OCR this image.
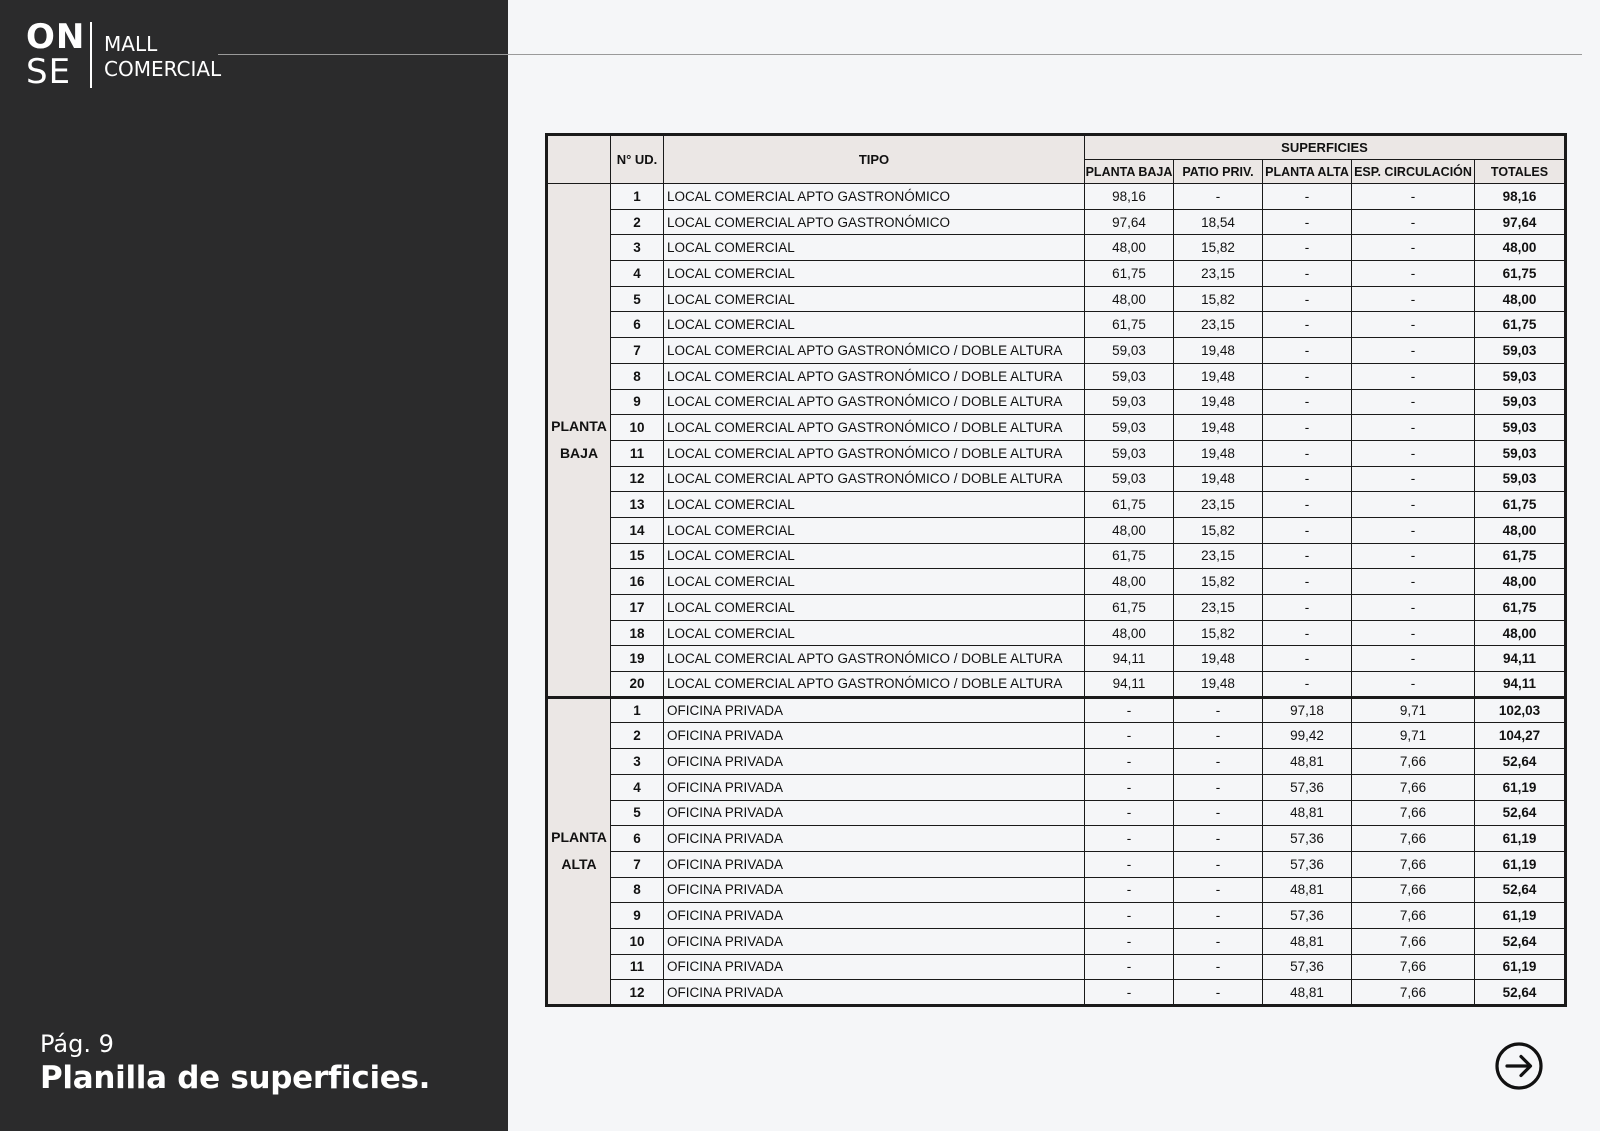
ON
SE
MALL
COMERCIAL
Pág. 9
Planilla de superficies.
	N° UD.	TIPO	SUPERFICIES				
			PLANTA BAJA	PATIO PRIV.	PLANTA ALTA	ESP. CIRCULACIÓN	TOTALES

PLANTA
BAJA	1	LOCAL COMERCIAL APTO GASTRONÓMICO	98,16	-	-	-	98,16
	2	LOCAL COMERCIAL APTO GASTRONÓMICO	97,64	18,54	-	-	97,64
	3	LOCAL COMERCIAL	48,00	15,82	-	-	48,00
	4	LOCAL COMERCIAL	61,75	23,15	-	-	61,75
	5	LOCAL COMERCIAL	48,00	15,82	-	-	48,00
	6	LOCAL COMERCIAL	61,75	23,15	-	-	61,75
	7	LOCAL COMERCIAL APTO GASTRONÓMICO / DOBLE ALTURA	59,03	19,48	-	-	59,03
	8	LOCAL COMERCIAL APTO GASTRONÓMICO / DOBLE ALTURA	59,03	19,48	-	-	59,03
	9	LOCAL COMERCIAL APTO GASTRONÓMICO / DOBLE ALTURA	59,03	19,48	-	-	59,03
	10	LOCAL COMERCIAL APTO GASTRONÓMICO / DOBLE ALTURA	59,03	19,48	-	-	59,03
	11	LOCAL COMERCIAL APTO GASTRONÓMICO / DOBLE ALTURA	59,03	19,48	-	-	59,03
	12	LOCAL COMERCIAL APTO GASTRONÓMICO / DOBLE ALTURA	59,03	19,48	-	-	59,03
	13	LOCAL COMERCIAL	61,75	23,15	-	-	61,75
	14	LOCAL COMERCIAL	48,00	15,82	-	-	48,00
	15	LOCAL COMERCIAL	61,75	23,15	-	-	61,75
	16	LOCAL COMERCIAL	48,00	15,82	-	-	48,00
	17	LOCAL COMERCIAL	61,75	23,15	-	-	61,75
	18	LOCAL COMERCIAL	48,00	15,82	-	-	48,00
	19	LOCAL COMERCIAL APTO GASTRONÓMICO / DOBLE ALTURA	94,11	19,48	-	-	94,11
	20	LOCAL COMERCIAL APTO GASTRONÓMICO / DOBLE ALTURA	94,11	19,48	-	-	94,11

PLANTA
ALTA	1	OFICINA PRIVADA	-	-	97,18	9,71	102,03
	2	OFICINA PRIVADA	-	-	99,42	9,71	104,27
	3	OFICINA PRIVADA	-	-	48,81	7,66	52,64
	4	OFICINA PRIVADA	-	-	57,36	7,66	61,19
	5	OFICINA PRIVADA	-	-	48,81	7,66	52,64
	6	OFICINA PRIVADA	-	-	57,36	7,66	61,19
	7	OFICINA PRIVADA	-	-	57,36	7,66	61,19
	8	OFICINA PRIVADA	-	-	48,81	7,66	52,64
	9	OFICINA PRIVADA	-	-	57,36	7,66	61,19
	10	OFICINA PRIVADA	-	-	48,81	7,66	52,64
	11	OFICINA PRIVADA	-	-	57,36	7,66	61,19
	12	OFICINA PRIVADA	-	-	48,81	7,66	52,64
